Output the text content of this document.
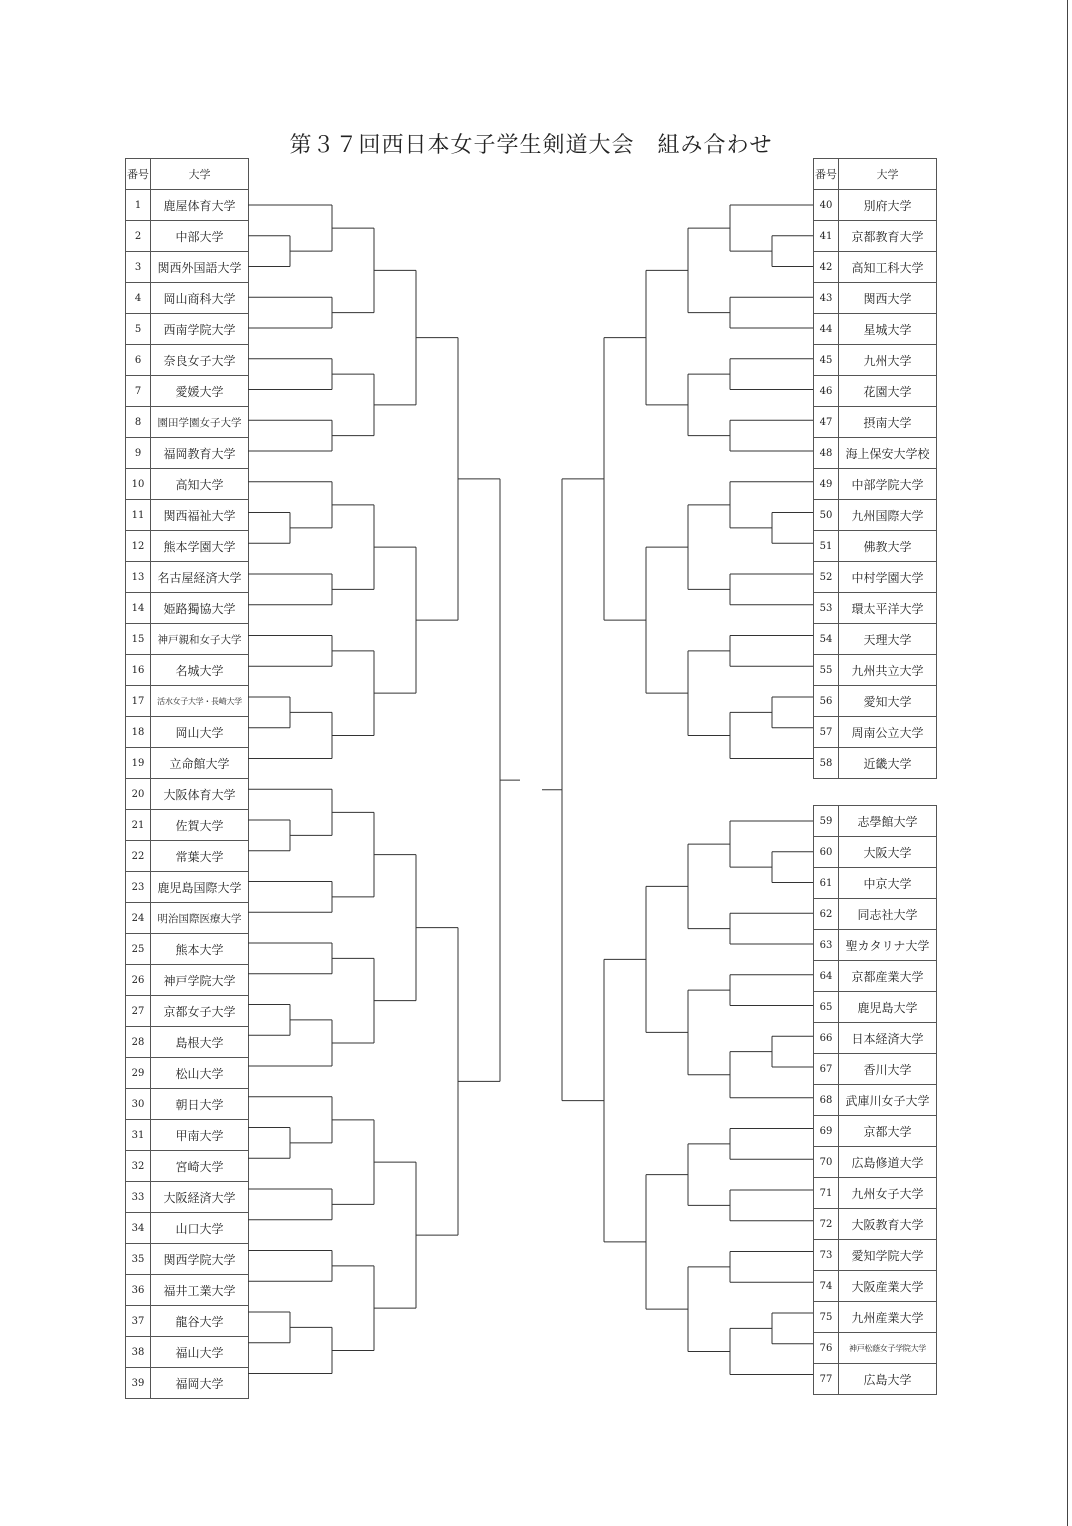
第３７回西日本女子学生剣道大会　組み合わせ
番号	大学
1	鹿屋体育大学
2	中部大学
3	関西外国語大学
4	岡山商科大学
5	西南学院大学
6	奈良女子大学
7	愛媛大学
8	園田学園女子大学
9	福岡教育大学
10	高知大学
11	関西福祉大学
12	熊本学園大学
13	名古屋経済大学
14	姫路獨協大学
15	神戸親和女子大学
16	名城大学
17	活水女子大学・長崎大学
18	岡山大学
19	立命館大学
20	大阪体育大学
21	佐賀大学
22	常葉大学
23	鹿児島国際大学
24	明治国際医療大学
25	熊本大学
26	神戸学院大学
27	京都女子大学
28	島根大学
29	松山大学
30	朝日大学
31	甲南大学
32	宮崎大学
33	大阪経済大学
34	山口大学
35	関西学院大学
36	福井工業大学
37	龍谷大学
38	福山大学
39	福岡大学
番号	大学
40	別府大学
41	京都教育大学
42	高知工科大学
43	関西大学
44	星城大学
45	九州大学
46	花園大学
47	摂南大学
48	海上保安大学校
49	中部学院大学
50	九州国際大学
51	佛教大学
52	中村学園大学
53	環太平洋大学
54	天理大学
55	九州共立大学
56	愛知大学
57	周南公立大学
58	近畿大学
59	志學館大学
60	大阪大学
61	中京大学
62	同志社大学
63	聖カタリナ大学
64	京都産業大学
65	鹿児島大学
66	日本経済大学
67	香川大学
68	武庫川女子大学
69	京都大学
70	広島修道大学
71	九州女子大学
72	大阪教育大学
73	愛知学院大学
74	大阪産業大学
75	九州産業大学
76	神戸松蔭女子学院大学
77	広島大学
